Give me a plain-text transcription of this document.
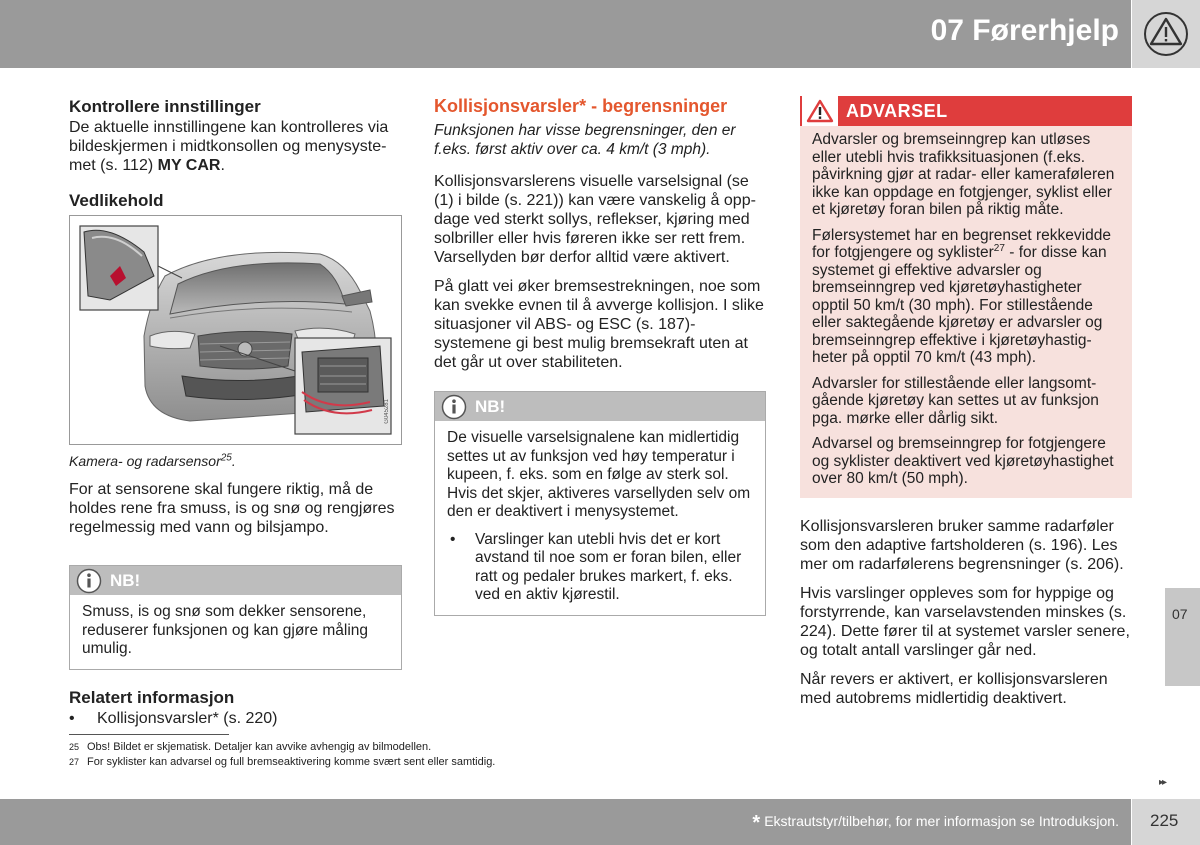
07 Førerhjelp
Kontrollere innstillinger

De aktuelle innstillingene kan kontrolleres via bildeskjermen i midtkonsollen og menysystemet (s. 112) MY CAR.

Vedlikehold
G045281
Kamera- og radarsensor$^{25}$.

For at sensorene skal fungere riktig, må de holdes rene fra smuss, is og snø og rengjøres regelmessig med vann og bilsjampo.

NB!
Smuss, is og snø som dekker sensorene, reduserer funksjonen og kan gjøre måling umulig.
Relatert informasjon
•	Kollisjonsvarsler* (s. 220)
Kollisjonsvarsler* - begrensninger

Funksjonen har visse begrensninger, den er f.eks. først aktiv over ca. 4 km/t (3 mph).

Kollisjonsvarslerens visuelle varselsignal (se (1) i bilde (s. 221)) kan være vanskelig å oppdage ved sterkt sollys, reflekser, kjøring med solbriller eller hvis føreren ikke ser rett frem. Varsellyden bør derfor alltid være aktivert.

På glatt vei øker bremsestrekningen, noe som kan svekke evnen til å avverge kollisjon. I slike situasjoner vil ABS- og ESC (s. 187)-systemene gi best mulig bremsekraft uten at det går ut over stabiliteten.

NB!

De visuelle varselsignalene kan midlertidig settes ut av funksjon ved høy temperatur i kupeen, f. eks. som en følge av sterk sol. Hvis det skjer, aktiveres varsellyden selv om den er deaktivert i menysystemet.

•	Varslinger kan utebli hvis det er kort avstand til noe som er foran bilen, eller ratt og pedaler brukes markert, f. eks. ved en aktiv kjørestil.
ADVARSEL

Advarsler og bremseinngrep kan utløses eller utebli hvis trafikksituasjonen (f.eks. påvirkning gjør at radar- eller kameraføleren ikke kan oppdage en fotgjenger, syklist eller et kjøretøy foran bilen på riktig måte.

Følersystemet har en begrenset rekkevidde for fotgjengere og syklister$^{27}$ - for disse kan systemet gi effektive advarsler og bremseinngrep ved kjøretøyhastigheter opptil 50 km/t (30 mph). For stillestående eller saktegående kjøretøy er advarsler og bremseinngrep effektive i kjøretøyhastigheter på opptil 70 km/t (43 mph).

Advarsler for stillestående eller langsomtgående kjøretøy kan settes ut av funksjon pga. mørke eller dårlig sikt.

Advarsel og bremseinngrep for fotgjengere og syklister deaktivert ved kjøretøyhastighet over 80 km/t (50 mph).

Kollisjonsvarsleren bruker samme radarføler som den adaptive fartsholderen (s. 196). Les mer om radarfølerens begrensninger (s. 206).

Hvis varslinger oppleves som for hyppige og forstyrrende, kan varselavstenden minskes (s. 224). Dette fører til at systemet varsler senere, og totalt antall varslinger går ned.

Når revers er aktivert, er kollisjonsvarsleren med autobrems midlertidig deaktivert.

07
25 Obs! Bildet er skjematisk. Detaljer kan avvike avhengig av bilmodellen.
27 For syklister kan advarsel og full bremseaktivering komme svært sent eller samtidig.
▸▸
* Ekstrautstyr/tilbehør, for mer informasjon se Introduksjon. 225
